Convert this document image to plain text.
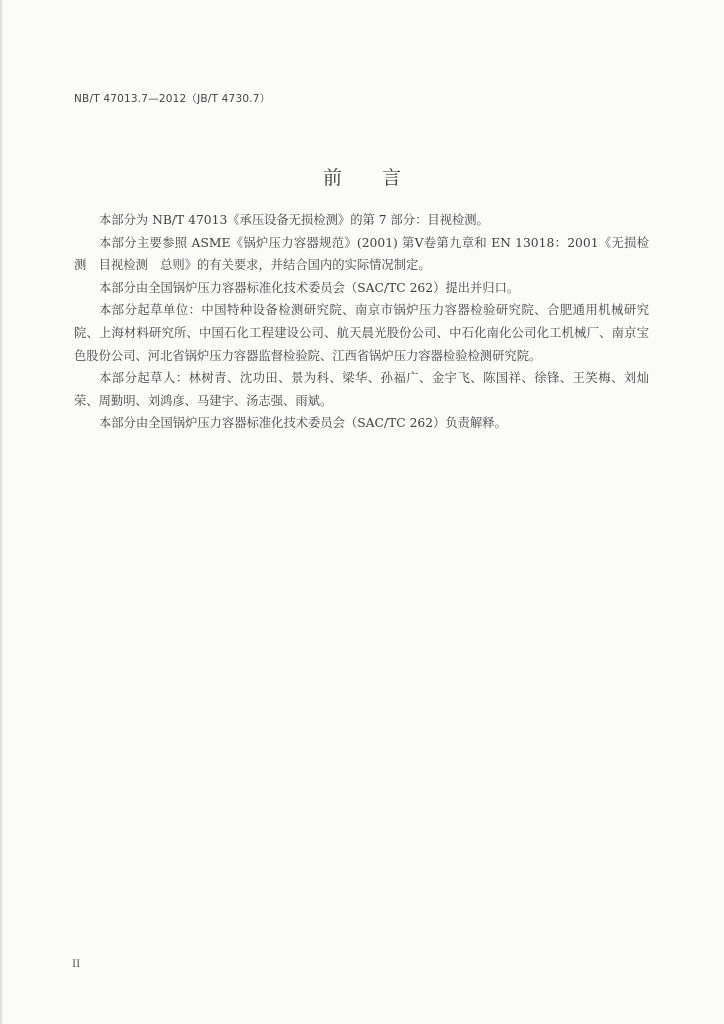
NB/T 47013.7—2012（JB/T 4730.7）
前 言

本部分为 NB/T 47013《承压设备无损检测》的第 7 部分：目视检测。

本部分主要参照 ASME《锅炉压力容器规范》(2001) 第Ⅴ卷第九章和 EN 13018：2001《无损检测　目视检测　总则》的有关要求，并结合国内的实际情况制定。

本部分由全国锅炉压力容器标准化技术委员会（SAC/TC 262）提出并归口。

本部分起草单位：中国特种设备检测研究院、南京市锅炉压力容器检验研究院、合肥通用机械研究院、上海材料研究所、中国石化工程建设公司、航天晨光股份公司、中石化南化公司化工机械厂、南京宝色股份公司、河北省锅炉压力容器监督检验院、江西省锅炉压力容器检验检测研究院。

本部分起草人：林树青、沈功田、景为科、梁华、孙福广、金宇飞、陈国祥、徐锋、王笑梅、刘灿荣、周勤明、刘鸿彦、马建宇、汤志强、雨斌。

本部分由全国锅炉压力容器标准化技术委员会（SAC/TC 262）负责解释。

II
